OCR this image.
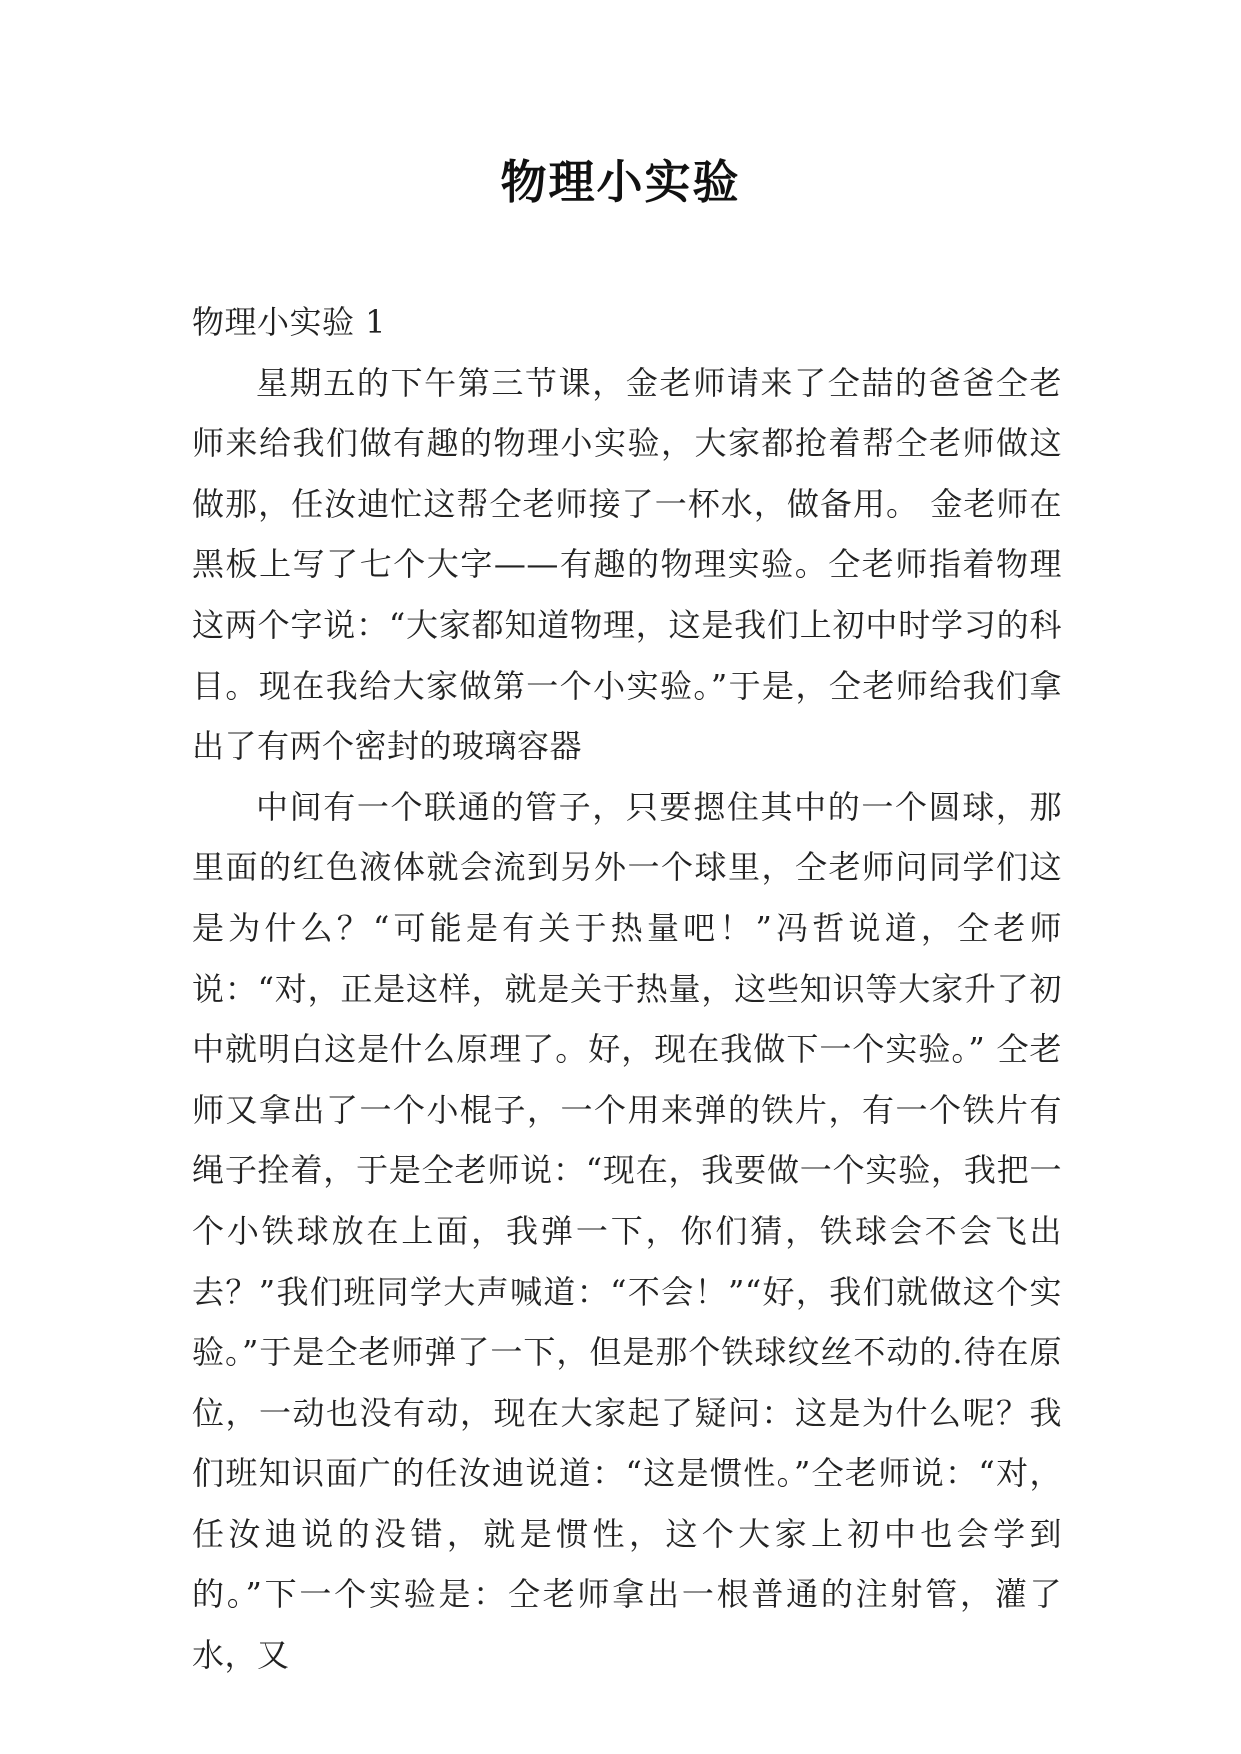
物理小实验

物理小实验 1

星期五的下午第三节课，金老师请来了仝喆的爸爸仝老师来给我们做有趣的物理小实验，大家都抢着帮仝老师做这做那，任汝迪忙这帮仝老师接了一杯水，做备用。 金老师在黑板上写了七个大字——有趣的物理实验。仝老师指着物理这两个字说：“大家都知道物理，这是我们上初中时学习的科目。现在我给大家做第一个小实验。”于是，仝老师给我们拿出了有两个密封的玻璃容器

中间有一个联通的管子，只要摁住其中的一个圆球，那里面的红色液体就会流到另外一个球里，仝老师问同学们这是为什么？“可能是有关于热量吧！”冯哲说道，仝老师说：“对，正是这样，就是关于热量，这些知识等大家升了初中就明白这是什么原理了。好，现在我做下一个实验。” 仝老师又拿出了一个小棍子，一个用来弹的铁片，有一个铁片有绳子拴着，于是仝老师说：“现在，我要做一个实验，我把一个小铁球放在上面，我弹一下，你们猜，铁球会不会飞出去？”我们班同学大声喊道：“不会！”“好，我们就做这个实验。”于是仝老师弹了一下，但是那个铁球纹丝不动的.待在原位，一动也没有动，现在大家起了疑问：这是为什么呢？我们班知识面广的任汝迪说道：“这是惯性。”仝老师说：“对，任汝迪说的没错，就是惯性，这个大家上初中也会学到的。”下一个实验是：仝老师拿出一根普通的注射管，灌了水，又
